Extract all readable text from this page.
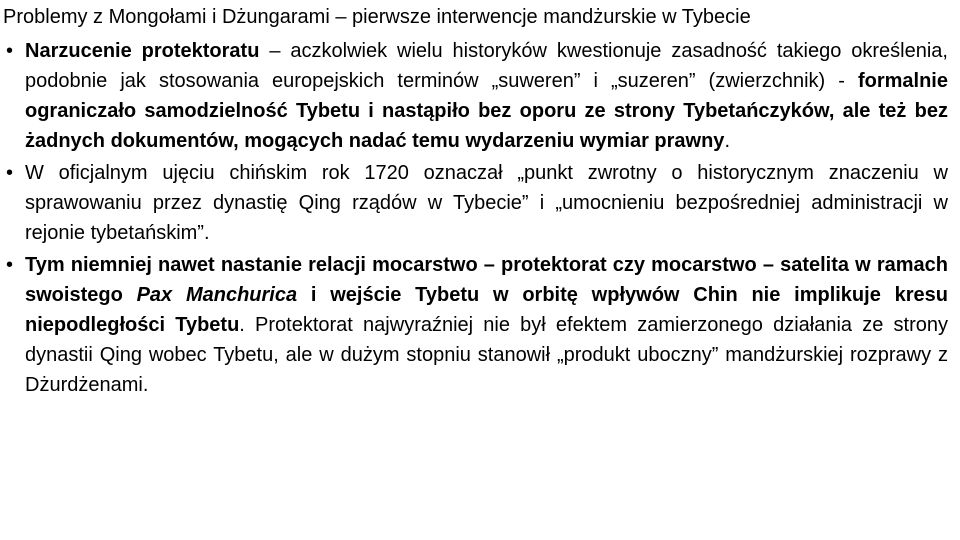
Problemy z Mongołami i Dżungarami – pierwsze interwencje mandżurskie w Tybecie
• Narzucenie protektoratu – aczkolwiek wielu historyków kwestionuje zasadność takiego określenia, podobnie jak stosowania europejskich terminów „suweren” i „suzeren” (zwierzchnik) - formalnie ograniczało samodzielność Tybetu i nastąpiło bez oporu ze strony Tybetańczyków, ale też bez żadnych dokumentów, mogących nadać temu wydarzeniu wymiar prawny.
• W oficjalnym ujęciu chińskim rok 1720 oznaczał „punkt zwrotny o historycznym znaczeniu w sprawowaniu przez dynastię Qing rządów w Tybecie” i „umocnieniu bezpośredniej administracji w rejonie tybetańskim”.
• Tym niemniej nawet nastanie relacji mocarstwo – protektorat czy mocarstwo – satelita w ramach swoistego Pax Manchurica i wejście Tybetu w orbitę wpływów Chin nie implikuje kresu niepodległości Tybetu. Protektorat najwyraźniej nie był efektem zamierzonego działania ze strony dynastii Qing wobec Tybetu, ale w dużym stopniu stanowił „produkt uboczny” mandżurskiej rozprawy z Dżurdżenami.
